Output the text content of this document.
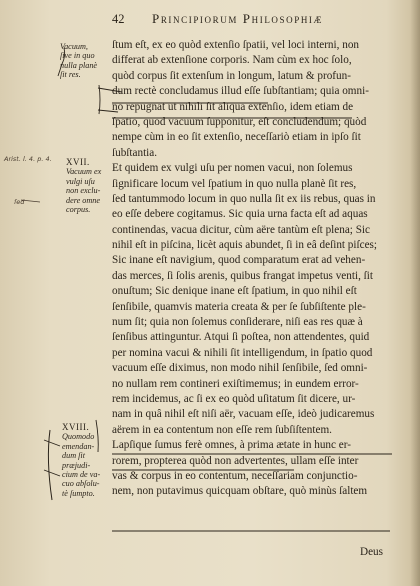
42 Principiorum Philosophiæ
ſtum eſt, ex eo quòd extenſio ſpatii, vel loci interni, non
differat ab extenſione corporis. Nam cùm ex hoc ſolo,
quòd corpus ſit extenſum in longum, latum & profun-
dum rectè concludamus illud eſſe ſubſtantiam; quia omni-
no repugnat ut nihili ſit aliqua extenſio, idem etiam de
ſpatio, quod vacuum ſupponitur, eſt concludendum; quòd
nempe cùm in eo ſit extenſio, neceſſariò etiam in ipſo ſit
ſubſtantia.
Et quidem ex vulgi uſu per nomen vacui, non ſolemus
ſignificare locum vel ſpatium in quo nulla planè ſit res,
ſed tantummodo locum in quo nulla ſit ex iis rebus, quas in
eo eſſe debere cogitamus. Sic quia urna facta eſt ad aquas
continendas, vacua dicitur, cùm aëre tantùm eſt plena; Sic
nihil eſt in piſcina, licèt aquis abundet, ſi in eâ deſint piſces;
Sic inane eſt navigium, quod comparatum erat ad vehen-
das merces, ſi ſolis arenis, quibus frangat impetus venti, ſit
onuſtum; Sic denique inane eſt ſpatium, in quo nihil eſt
ſenſibile, quamvis materia creata & per ſe ſubſiſtente ple-
num ſit; quia non ſolemus conſiderare, niſi eas res quæ à
ſenſibus attinguntur. Atqui ſi poſtea, non attendentes, quid
per nomina vacui & nihili ſit intelligendum, in ſpatio quod
vacuum eſſe diximus, non modo nihil ſenſibile, ſed omni-
no nullam rem contineri exiſtimemus; in eundem error-
rem incidemus, ac ſi ex eo quòd uſitatum ſit dicere, ur-
nam in quâ nihil eſt niſi aër, vacuam eſſe, ideò judicaremus
aërem in ea contentum non eſſe rem ſubſiſtentem.
Lapſique ſumus ferè omnes, à prima ætate in hunc er-
rorem, propterea quòd non advertentes, ullam eſſe inter
vas & corpus in eo contentum, neceſſariam conjunctio-
nem, non putavimus quicquam obſtare, quò minùs ſaltem
Deus
Vacuum,
ſive in quo
nulla planè
ſit res.
XVII.
Vacuum ex
vulgi uſu
non exclu-
dere omne
corpus.
XVIII.
Quomodo
emendan-
dum ſit
præjudi-
cium de va-
cuo abſolu-
tè ſumpto.
Arist. l. 4. p. 4.
ſed
